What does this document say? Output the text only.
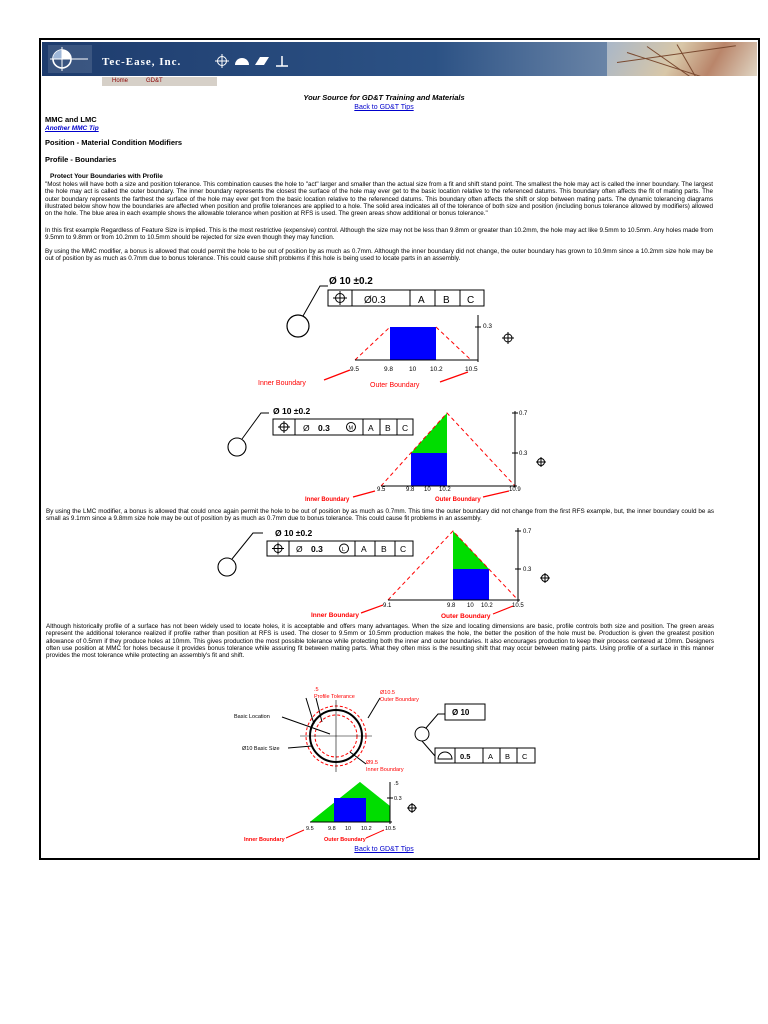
Tec-Ease, Inc.
Home	GD&T
Your Source for GD&T Training and Materials
Back to GD&T Tips
MMC and LMC
Another MMC Tip
Position - Material Condition Modifiers
Profile - Boundaries
Protect Your Boundaries with Profile
"Most holes will have both a size and position tolerance. This combination causes the hole to "act" larger and smaller than the actual size from a fit and shift stand point. The smallest the hole may act is called the inner boundary. The largest the hole may act is called the outer boundary. The inner boundary represents the closest the surface of the hole may ever get to the basic location relative to the referenced datums. This boundary often affects the fit of mating parts. The outer boundary represents the farthest the surface of the hole may ever get from the basic location relative to the referenced datums. This boundary often affects the shift or slop between mating parts. The dynamic tolerancing diagrams illustrated below show how the boundaries are affected when position and profile tolerances are applied to a hole. The solid area indicates all of the tolerance of both size and position (including bonus tolerance allowed by modifiers) allowed on the hole. The blue area in each example shows the allowable tolerance when position at RFS is used. The green areas show additional or bonus tolerance."
In this first example Regardless of Feature Size is implied. This is the most restrictive (expensive) control. Although the size may not be less than 9.8mm or greater than 10.2mm, the hole may act like 9.5mm to 10.5mm. Any holes made from 9.5mm to 9.8mm or from 10.2mm to 10.5mm should be rejected for size even though they may function.
By using the MMC modifier, a bonus is allowed that could permit the hole to be out of position by as much as 0.7mm. Although the inner boundary did not change, the outer boundary has grown to 10.9mm since a 10.2mm size hole may be out of position by as much as 0.7mm due to bonus tolerance. This could cause shift problems if this hole is being used to locate parts in an assembly.
Ø 10 ±0.2
Ø0.3	A B C
0.3
9.5	9.8 10 10.2	10.5
Inner Boundary	Outer Boundary
Ø 10 ±0.2
Ø 0.3	M A B C
0.7
0.3
9.5	9.8 10 10.2	10.9
Inner Boundary	Outer Boundary
By using the LMC modifier, a bonus is allowed that could once again permit the hole to be out of position by as much as 0.7mm. This time the outer boundary did not change from the first RFS example, but, the inner boundary could be as small as 9.1mm since a 9.8mm size hole may be out of position by as much as 0.7mm due to bonus tolerance. This could cause fit problems in an assembly.
Ø 10 ±0.2
Ø 0.3	L A B C
0.7
0.3
9.1	9.8 10 10.2	10.5
Inner Boundary	Outer Boundary
Although historically profile of a surface has not been widely used to locate holes, it is acceptable and offers many advantages. When the size and locating dimensions are basic, profile controls both size and position. The green areas represent the additional tolerance realized if profile rather than position at RFS is used. The closer to 9.5mm or 10.5mm production makes the hole, the better the position of the hole must be. Production is given the greatest position allowance of 0.5mm if they produce holes at 10mm. This gives production the most possible tolerance while protecting both the inner and outer boundaries. It also encourages production to keep their process centered at 10mm. Designers often use position at MMC for holes because it provides bonus tolerance while assuring fit between mating parts. What they often miss is the resulting shift that may occur between mating parts. Using profile of a surface in this manner provides the most tolerance while protecting an assembly's fit and shift.
.5
Profile Tolerance
Ø10.5
Outer Boundary
Basic Location
Ø10 Basic Size
Ø9.5
Inner Boundary
Ø 10
0.5 A B C
.5
0.3
9.5	9.8 10 10.2 10.5
Inner Boundary	Outer Boundary
Back to GD&T Tips
